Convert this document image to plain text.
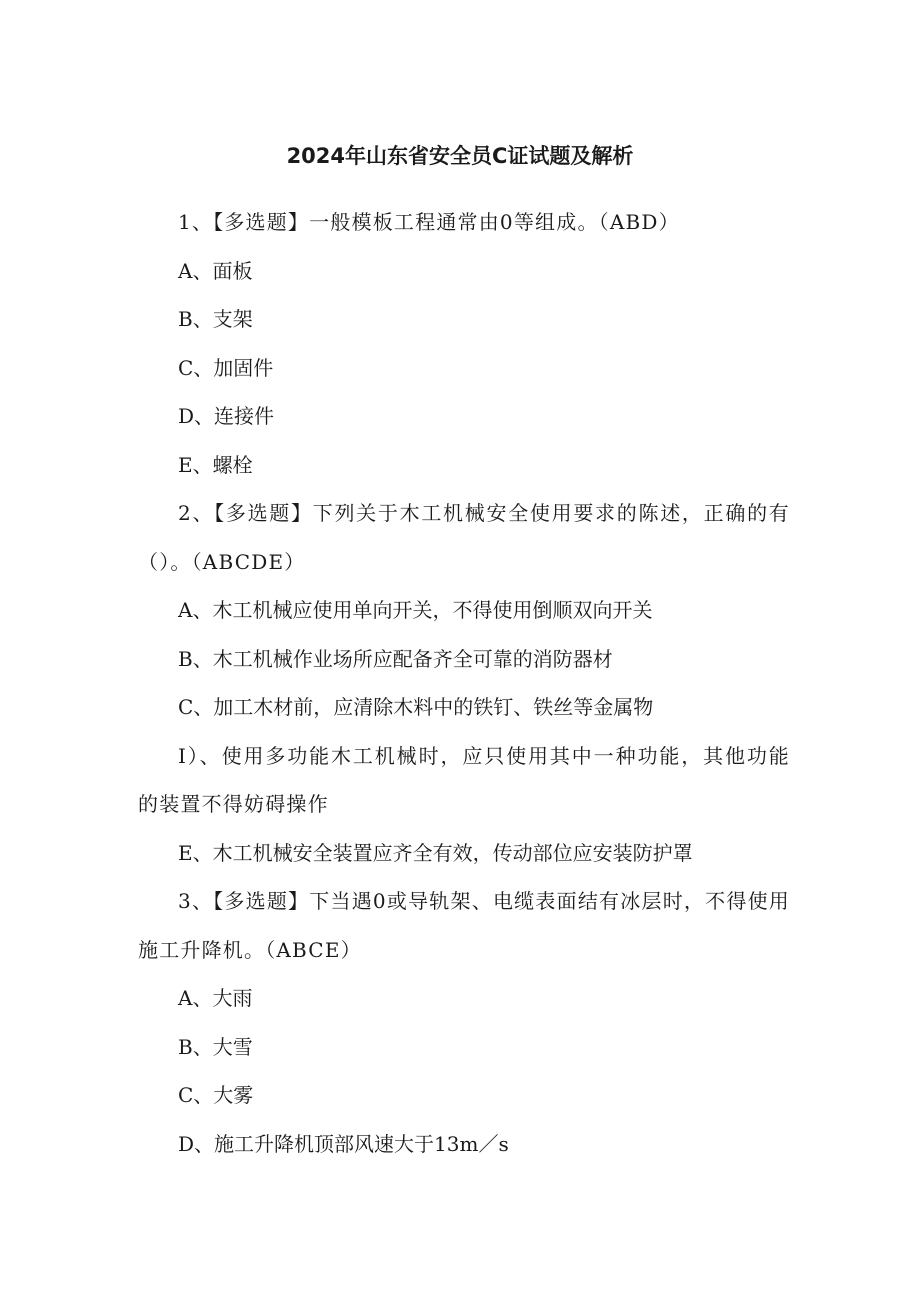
2024年山东省安全员C证试题及解析

1、【多选题】一般模板工程通常由0等组成。（ABD）

A、面板

B、支架

C、加固件

D、连接件

E、螺栓

2、【多选题】下列关于木工机械安全使用要求的陈述，正确的有（）。（ABCDE）

A、木工机械应使用单向开关，不得使用倒顺双向开关

B、木工机械作业场所应配备齐全可靠的消防器材

C、加工木材前，应清除木料中的铁钉、铁丝等金属物

I）、使用多功能木工机械时，应只使用其中一种功能，其他功能的装置不得妨碍操作

E、木工机械安全装置应齐全有效，传动部位应安装防护罩

3、【多选题】下当遇0或导轨架、电缆表面结有冰层时，不得使用施工升降机。（ABCE）

A、大雨

B、大雪

C、大雾

D、施工升降机顶部风速大于13m／s
